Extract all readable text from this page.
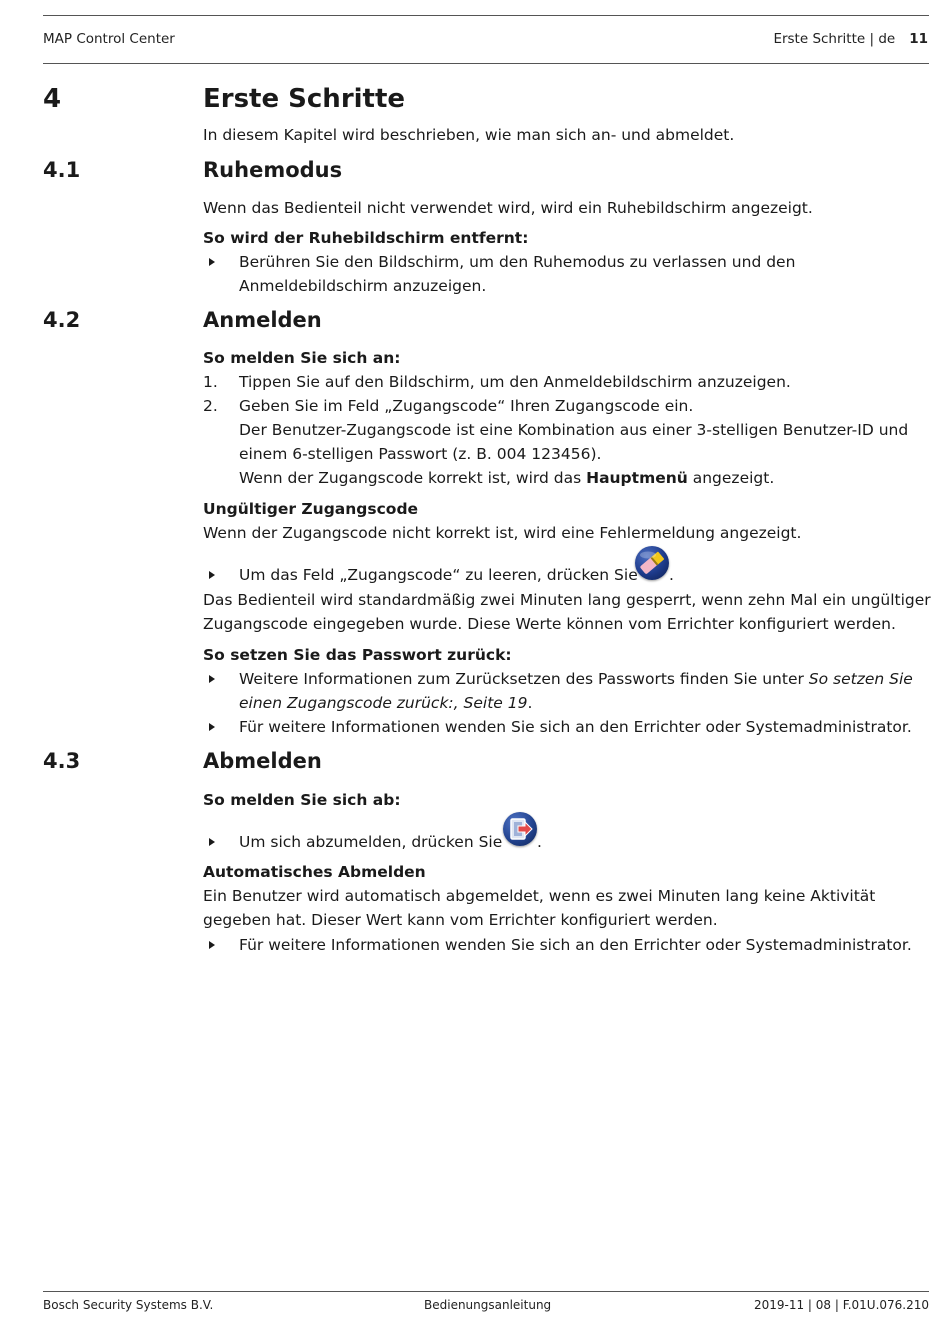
MAP Control Center	Erste Schritte | de 11
4	Erste Schritte
In diesem Kapitel wird beschrieben, wie man sich an- und abmeldet.
4.1	Ruhemodus
Wenn das Bedienteil nicht verwendet wird, wird ein Ruhebildschirm angezeigt.
So wird der Ruhebildschirm entfernt:
Berühren Sie den Bildschirm, um den Ruhemodus zu verlassen und den
Anmeldebildschirm anzuzeigen.
4.2	Anmelden
So melden Sie sich an:
1. Tippen Sie auf den Bildschirm, um den Anmeldebildschirm anzuzeigen.
2. Geben Sie im Feld „Zugangscode“ Ihren Zugangscode ein.
Der Benutzer-Zugangscode ist eine Kombination aus einer 3-stelligen Benutzer-ID und
einem 6-stelligen Passwort (z. B. 004 123456).
Wenn der Zugangscode korrekt ist, wird das Hauptmenü angezeigt.
Ungültiger Zugangscode
Wenn der Zugangscode nicht korrekt ist, wird eine Fehlermeldung angezeigt.
Um das Feld „Zugangscode“ zu leeren, drücken Sie .
Das Bedienteil wird standardmäßig zwei Minuten lang gesperrt, wenn zehn Mal ein ungültiger
Zugangscode eingegeben wurde. Diese Werte können vom Errichter konfiguriert werden.
So setzen Sie das Passwort zurück:
Weitere Informationen zum Zurücksetzen des Passworts finden Sie unter So setzen Sie
einen Zugangscode zurück:, Seite 19.
Für weitere Informationen wenden Sie sich an den Errichter oder Systemadministrator.
4.3	Abmelden
So melden Sie sich ab:
Um sich abzumelden, drücken Sie .
Automatisches Abmelden
Ein Benutzer wird automatisch abgemeldet, wenn es zwei Minuten lang keine Aktivität
gegeben hat. Dieser Wert kann vom Errichter konfiguriert werden.
Für weitere Informationen wenden Sie sich an den Errichter oder Systemadministrator.
Bosch Security Systems B.V.	Bedienungsanleitung	2019-11 | 08 | F.01U.076.210
